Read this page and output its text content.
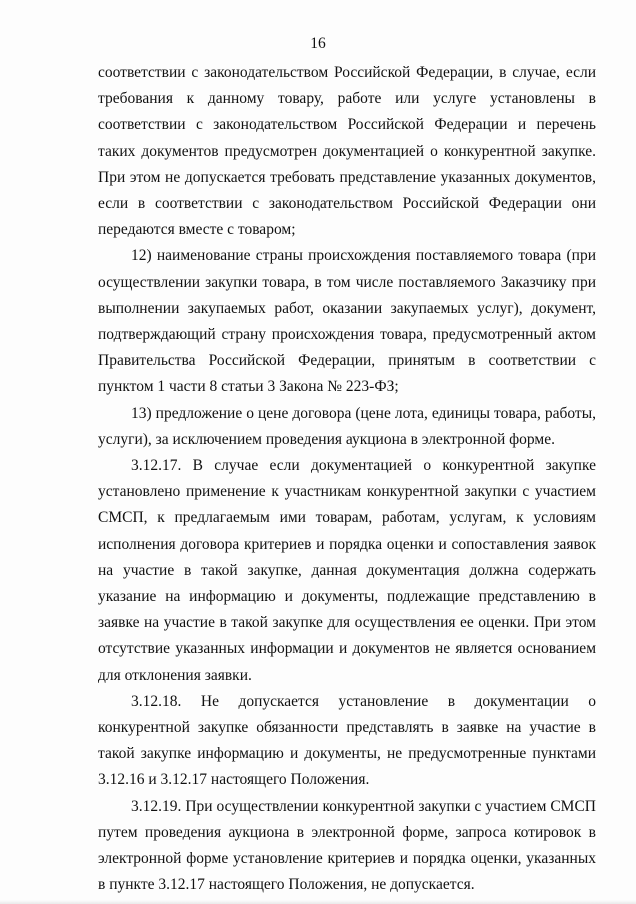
16

соответствии с законодательством Российской Федерации, в случае, если требования к данному товару, работе или услуге установлены в соответствии с законодательством Российской Федерации и перечень таких документов предусмотрен документацией о конкурентной закупке. При этом не допускается требовать представление указанных документов, если в соответствии с законодательством Российской Федерации они передаются вместе с товаром;

12) наименование страны происхождения поставляемого товара (при осуществлении закупки товара, в том числе поставляемого Заказчику при выполнении закупаемых работ, оказании закупаемых услуг), документ, подтверждающий страну происхождения товара, предусмотренный актом Правительства Российской Федерации, принятым в соответствии с пунктом 1 части 8 статьи 3 Закона № 223-ФЗ;

13) предложение о цене договора (цене лота, единицы товара, работы, услуги), за исключением проведения аукциона в электронной форме.

3.12.17. В случае если документацией о конкурентной закупке установлено применение к участникам конкурентной закупки с участием СМСП, к предлагаемым ими товарам, работам, услугам, к условиям исполнения договора критериев и порядка оценки и сопоставления заявок на участие в такой закупке, данная документация должна содержать указание на информацию и документы, подлежащие представлению в заявке на участие в такой закупке для осуществления ее оценки. При этом отсутствие указанных информации и документов не является основанием для отклонения заявки.

3.12.18. Не допускается установление в документации о конкурентной закупке обязанности представлять в заявке на участие в такой закупке информацию и документы, не предусмотренные пунктами 3.12.16 и 3.12.17 настоящего Положения.

3.12.19. При осуществлении конкурентной закупки с участием СМСП путем проведения аукциона в электронной форме, запроса котировок в электронной форме установление критериев и порядка оценки, указанных в пункте 3.12.17 настоящего Положения, не допускается.
